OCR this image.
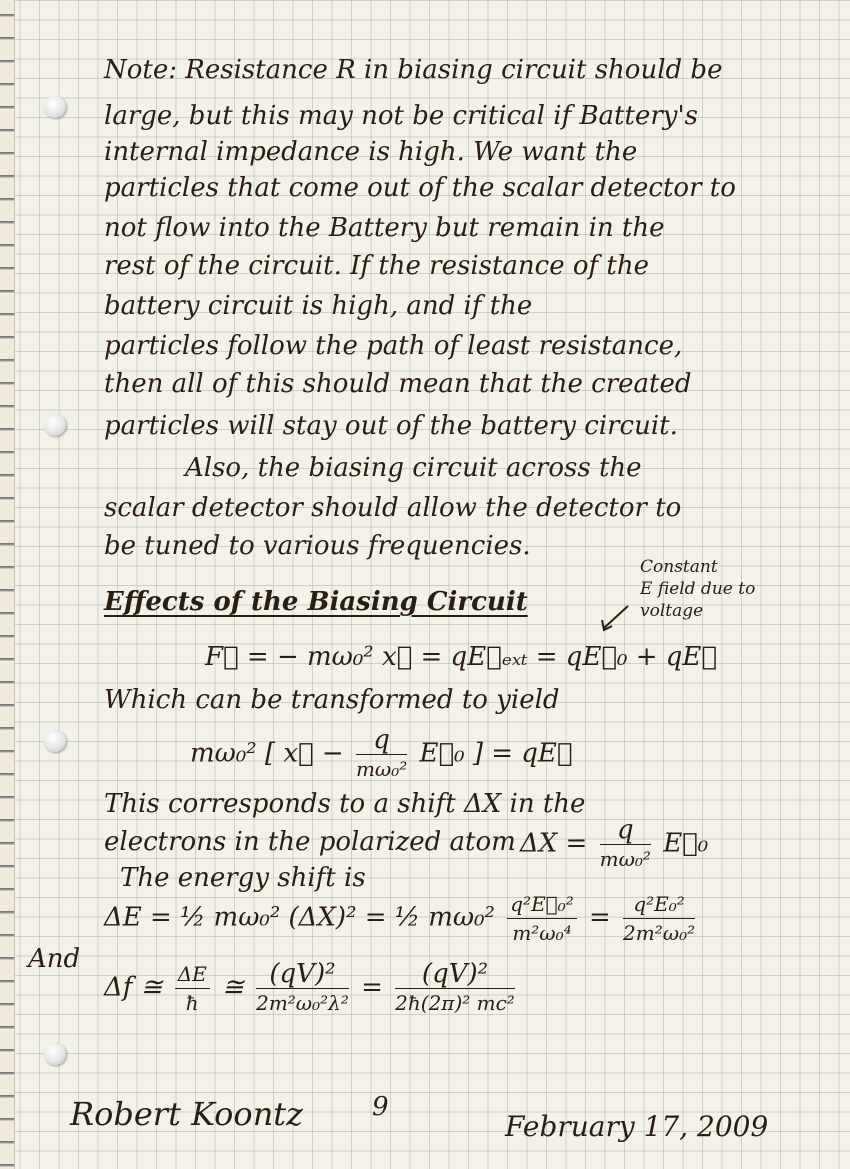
Note: Resistance R in biasing circuit should be

large, but this may not be critical if Battery's

internal impedance is high. We want the

particles that come out of the scalar detector to

not flow into the Battery but remain in the

rest of the circuit. If the resistance of the

battery circuit is high, and if the

particles follow the path of least resistance,

then all of this should mean that the created

particles will stay out of the battery circuit.

Also, the biasing circuit across the

scalar detector should allow the detector to

be tuned to various frequencies.

Effects of the Biasing Circuit
Constant
E field due to
voltage
F⃗ = − mω₀² x⃗ = qE⃗ₑₓₜ = qE⃗₀ + qE⃗

Which can be transformed to yield

mω₀² [ x⃗ − $\frac{q}{\text{mω₀²}}$ E⃗₀ ] = qE⃗

This corresponds to a shift ΔX in the

electrons in the polarized atom $\Delta X = \frac{q}{\text{mω₀²}}$ E⃗₀

The energy shift is

ΔE = ½ mω₀² (ΔX)² = ½ $m\omega_0^2 \frac{\text{q²E⃗₀²}}{\text{m²ω₀⁴}} = \frac{\text{q²E₀²}}{\text{2m²ω₀²}}$
And
Δf ≅ $\frac{\Delta E}{ħ}$ ≅ $\frac{\text{(qV)²}}{\text{2m²ω₀²λ²}} = \frac{\text{(qV)²}}{\text{2ħ(2π)² mc²}}$
Robert Koontz	9
February 17, 2009
